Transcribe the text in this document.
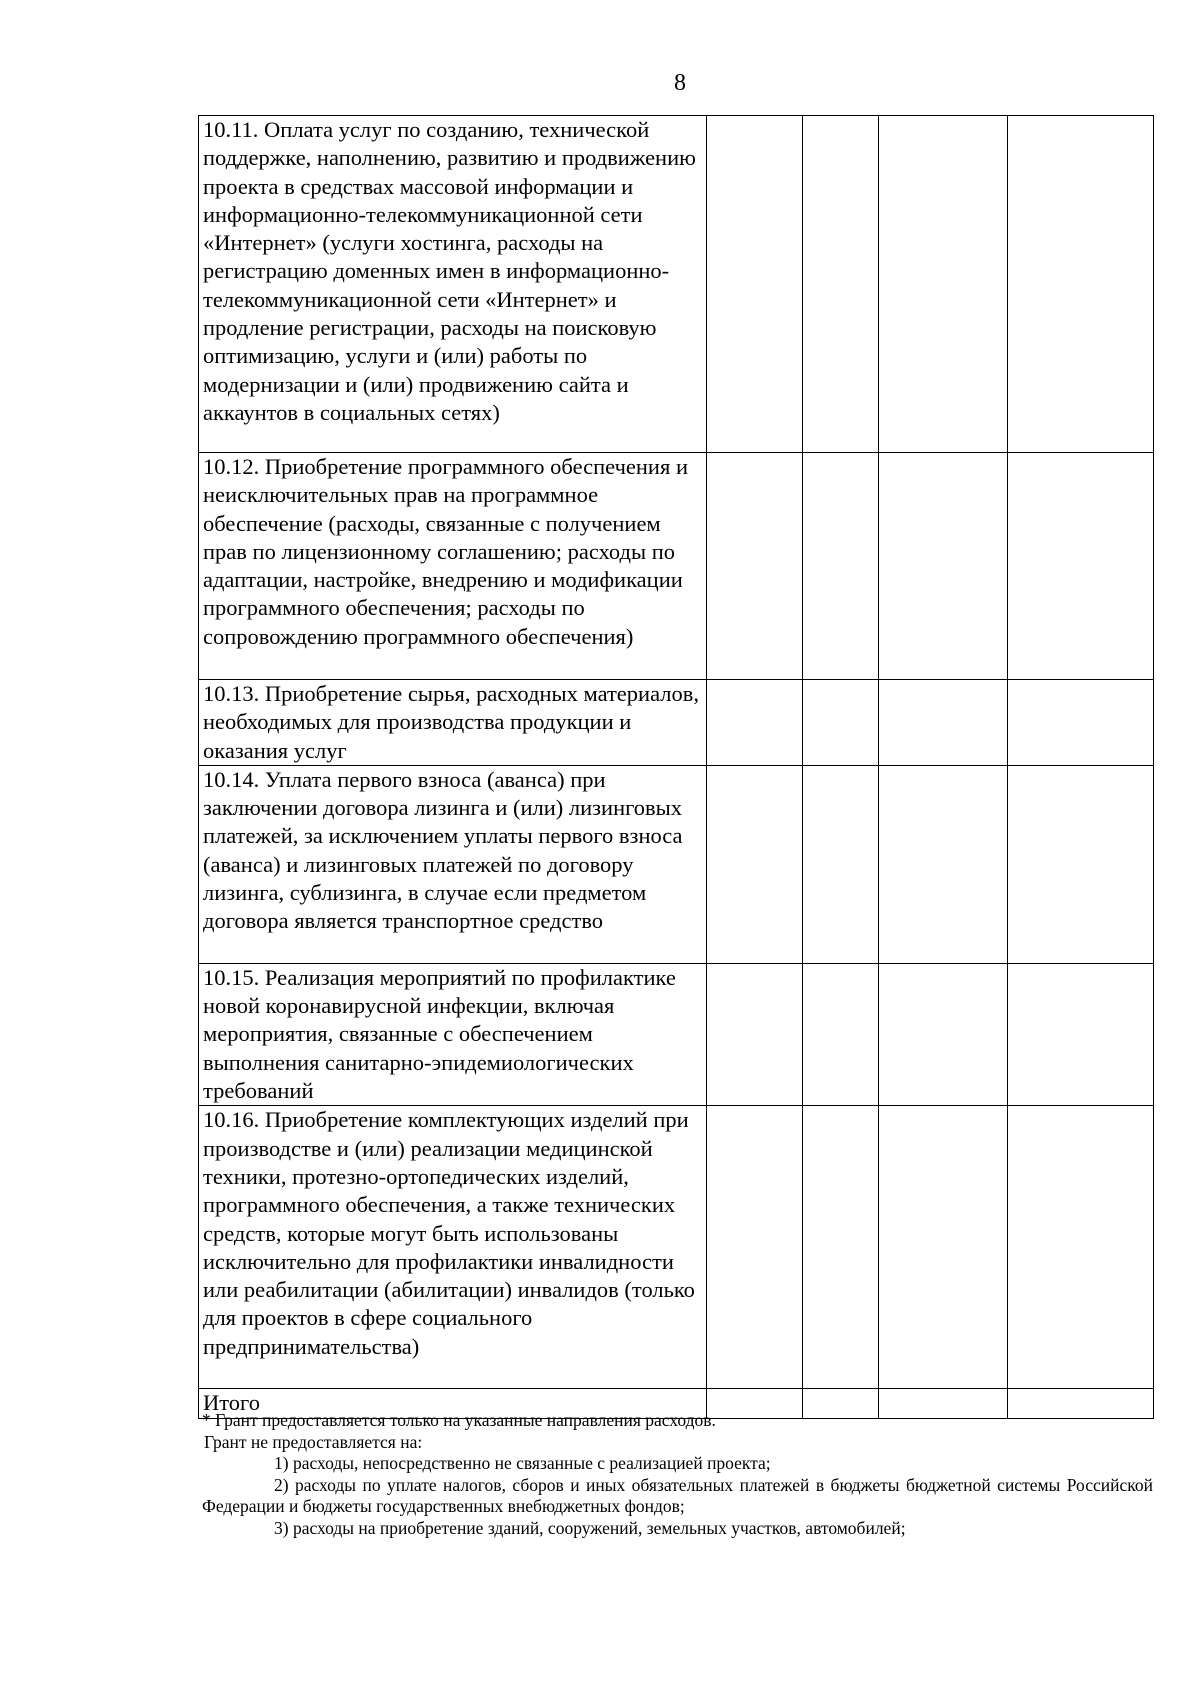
8
10.11. Оплата услуг по созданию, технической поддержке, наполнению, развитию и продвижению проекта в средствах массовой информации и информационно-телекоммуникационной сети «Интернет» (услуги хостинга, расходы на регистрацию доменных имен в информационно-телекоммуникационной сети «Интернет» и продление регистрации, расходы на поисковую оптимизацию, услуги и (или) работы по модернизации и (или) продвижению сайта и аккаунтов в социальных сетях)				
10.12. Приобретение программного обеспечения и неисключительных прав на программное обеспечение (расходы, связанные с получением прав по лицензионному соглашению; расходы по адаптации, настройке, внедрению и модификации программного обеспечения; расходы по сопровождению программного обеспечения)				
10.13. Приобретение сырья, расходных материалов, необходимых для производства продукции и оказания услуг				
10.14. Уплата первого взноса (аванса) при заключении договора лизинга и (или) лизинговых платежей, за исключением уплаты первого взноса (аванса) и лизинговых платежей по договору лизинга, сублизинга, в случае если предметом договора является транспортное средство				
10.15. Реализация мероприятий по профилактике новой коронавирусной инфекции, включая мероприятия, связанные с обеспечением выполнения санитарно-эпидемиологических требований				
10.16. Приобретение комплектующих изделий при производстве и (или) реализации медицинской техники, протезно-ортопедических изделий, программного обеспечения, а также технических средств, которые могут быть использованы исключительно для профилактики инвалидности или реабилитации (абилитации) инвалидов (только для проектов в сфере социального предпринимательства)				
Итого				

* Грант предоставляется только на указанные направления расходов.

Грант не предоставляется на:

1) расходы, непосредственно не связанные с реализацией проекта;

2) расходы по уплате налогов, сборов и иных обязательных платежей в бюджеты бюджетной системы Российской Федерации и бюджеты государственных внебюджетных фондов;

3) расходы на приобретение зданий, сооружений, земельных участков, автомобилей;
